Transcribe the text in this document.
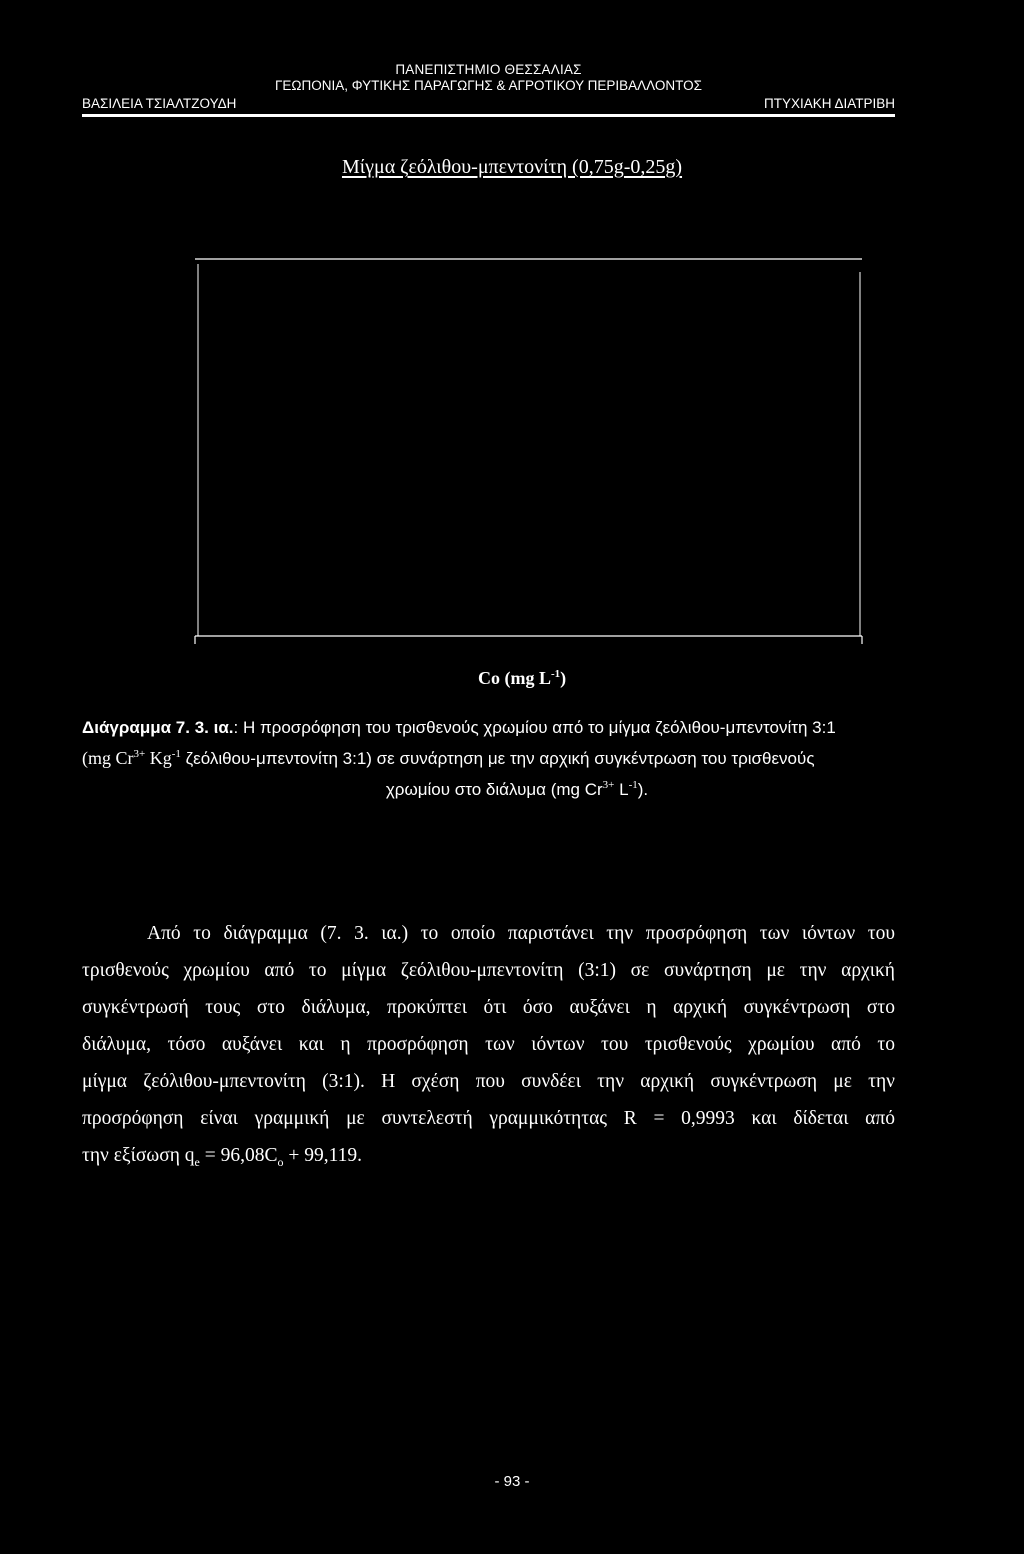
ΠΑΝΕΠΙΣΤΗΜΙΟ ΘΕΣΣΑΛΙΑΣ
ΓΕΩΠΟΝΙΑ, ΦΥΤΙΚΗΣ ΠΑΡΑΓΩΓΗΣ & ΑΓΡΟΤΙΚΟΥ ΠΕΡΙΒΑΛΛΟΝΤΟΣ
ΒΑΣΙΛΕΙΑ ΤΣΙΑΛΤΖΟΥΔΗ	ΠΤΥΧΙΑΚΗ ΔΙΑΤΡΙΒΗ
Μίγμα ζεόλιθου-μπεντονίτη (0,75g-0,25g)
Co (mg $L^{-1}$)
Διάγραμμα 7. 3. ια.: Η προσρόφηση του τρισθενούς χρωμίου από το μίγμα ζεόλιθου-μπεντονίτη 3:1
(mg $Cr^{3+}$ $Kg^{-1}$ ζεόλιθου-μπεντονίτη 3:1) σε συνάρτηση με την αρχική συγκέντρωση του τρισθενούς
χρωμίου στο διάλυμα (mg $Cr^{3+}$ $L^{-1}$).
Από το διάγραμμα (7. 3. ια.) το οποίο παριστάνει την προσρόφηση των ιόντων του
τρισθενούς χρωμίου από το μίγμα ζεόλιθου-μπεντονίτη (3:1) σε συνάρτηση με την αρχική
συγκέντρωσή τους στο διάλυμα, προκύπτει ότι όσο αυξάνει η αρχική συγκέντρωση στο
διάλυμα, τόσο αυξάνει και η προσρόφηση των ιόντων του τρισθενούς χρωμίου από το
μίγμα ζεόλιθου-μπεντονίτη (3:1). Η σχέση που συνδέει την αρχική συγκέντρωση με την
προσρόφηση είναι γραμμική με συντελεστή γραμμικότητας R = 0,9993 και δίδεται από
την εξίσωση $q_e = 96,08C_o + 99,119$.
- 93 -
